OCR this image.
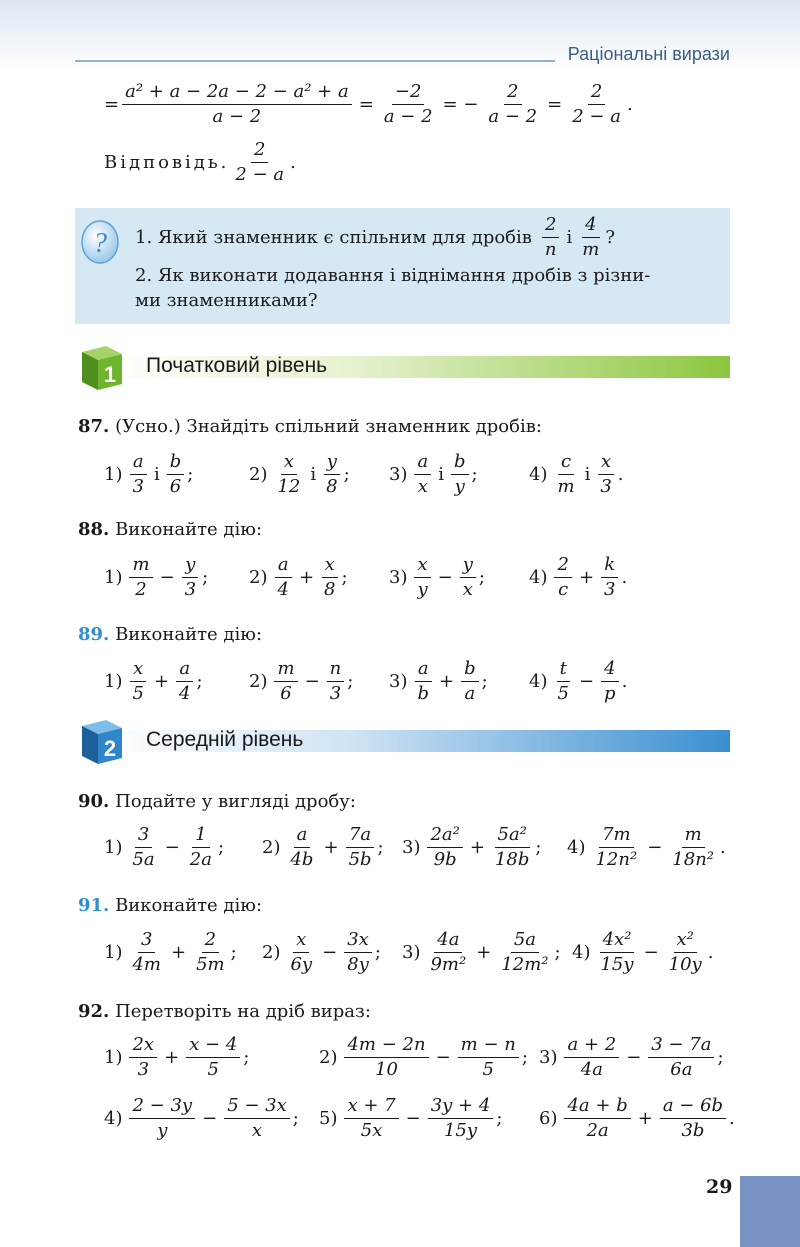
Раціональні вирази
= $\frac{\text{a² + a − 2a − 2 − a² + a}}{a - 2} = \frac{-2}{a - 2}$ = − $\frac{2}{a - 2} = \frac{2}{2 - a}$ .
Відповідь. $\frac{2}{2 - a}$ .
? 1. Який знаменник є спільним для дробів $\frac{2}{n}$ і $\frac{4}{m}$ ?
2. Як виконати додавання і віднімання дробів з різни-
ми знаменниками?
1 Початковий рівень
87. (Усно.) Знайдіть спільний знаменник дробів:
$1) \frac{a}{3}$ і $\frac{b}{6}$ ;	$2) \frac{x}{12}$ і $\frac{y}{8}$ ; $3) \frac{a}{x}$ і $\frac{b}{y}$ ;	$4) \frac{c}{m}$ і $\frac{x}{3}$ .
88. Виконайте дію:
$1) \frac{m}{2} - \frac{y}{3}$ ; $2) \frac{a}{4} + \frac{x}{8}$ ; $3) \frac{x}{y} - \frac{y}{x}$ ; $4) \frac{2}{c} + \frac{k}{3}$ .
89. Виконайте дію:
$1) \frac{x}{5} + \frac{a}{4}$ ;	$2) \frac{m}{6} - \frac{n}{3}$ ; $3) \frac{a}{b} + \frac{b}{a}$ ; $4) \frac{t}{5} - \frac{4}{p}$ .
2 Середній рівень
90. Подайте у вигляді дробу:
$1) \frac{3}{5a} - \frac{1}{2a}$ ; $2) \frac{a}{4b} + \frac{7a}{5b}$ ; $3) \frac{\text{2a²}}{9b} + \frac{\text{5a²}}{18b}$ ; $4) \frac{7m}{\text{12n²}} - \frac{m}{\text{18n²}}$ .
91. Виконайте дію:
$1) \frac{3}{4m} + \frac{2}{5m}$ ; $2) \frac{x}{6y} - \frac{3x}{8y}$ ; $3) \frac{4a}{\text{9m²}} + \frac{5a}{\text{12m²}}$ ; $4) \frac{\text{4x²}}{15y} - \frac{\text{x²}}{10y}$ .
92. Перетворіть на дріб вираз:
$1) \frac{2x}{3} + \frac{x - 4}{5}$ ;	$2) \frac{4m - 2n}{10} - \frac{m - n}{5}$ ; $3) \frac{a + 2}{4a} - \frac{3 - 7a}{6a}$ ;
$4) \frac{2 - 3y}{y} - \frac{5 - 3x}{x}$ ; $5) \frac{x + 7}{5x} - \frac{3y + 4}{15y}$ ; $6) \frac{4a + b}{2a} + \frac{a - 6b}{3b}$ .
29
